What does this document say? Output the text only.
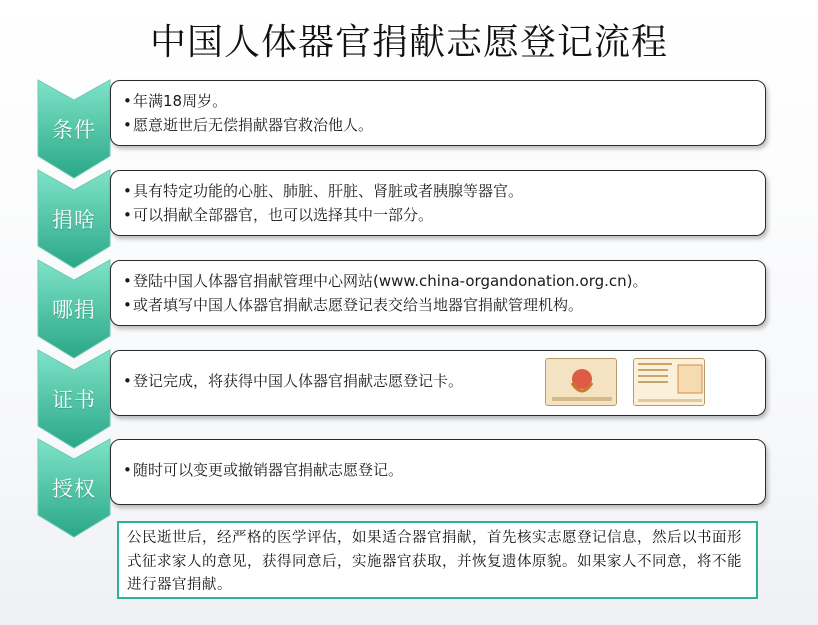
中国人体器官捐献志愿登记流程
条件
•年满18周岁。
•愿意逝世后无偿捐献器官救治他人。
捐啥
•具有特定功能的心脏、肺脏、肝脏、肾脏或者胰腺等器官。
•可以捐献全部器官，也可以选择其中一部分。
哪捐
•登陆中国人体器官捐献管理中心网站(www.china-organdonation.org.cn)。
•或者填写中国人体器官捐献志愿登记表交给当地器官捐献管理机构。
证书
•登记完成，将获得中国人体器官捐献志愿登记卡。
授权
•随时可以变更或撤销器官捐献志愿登记。
公民逝世后，经严格的医学评估，如果适合器官捐献，首先核实志愿登记信息，然后以书面形式征求家人的意见，获得同意后，实施器官获取，并恢复遗体原貌。如果家人不同意，将不能进行器官捐献。
